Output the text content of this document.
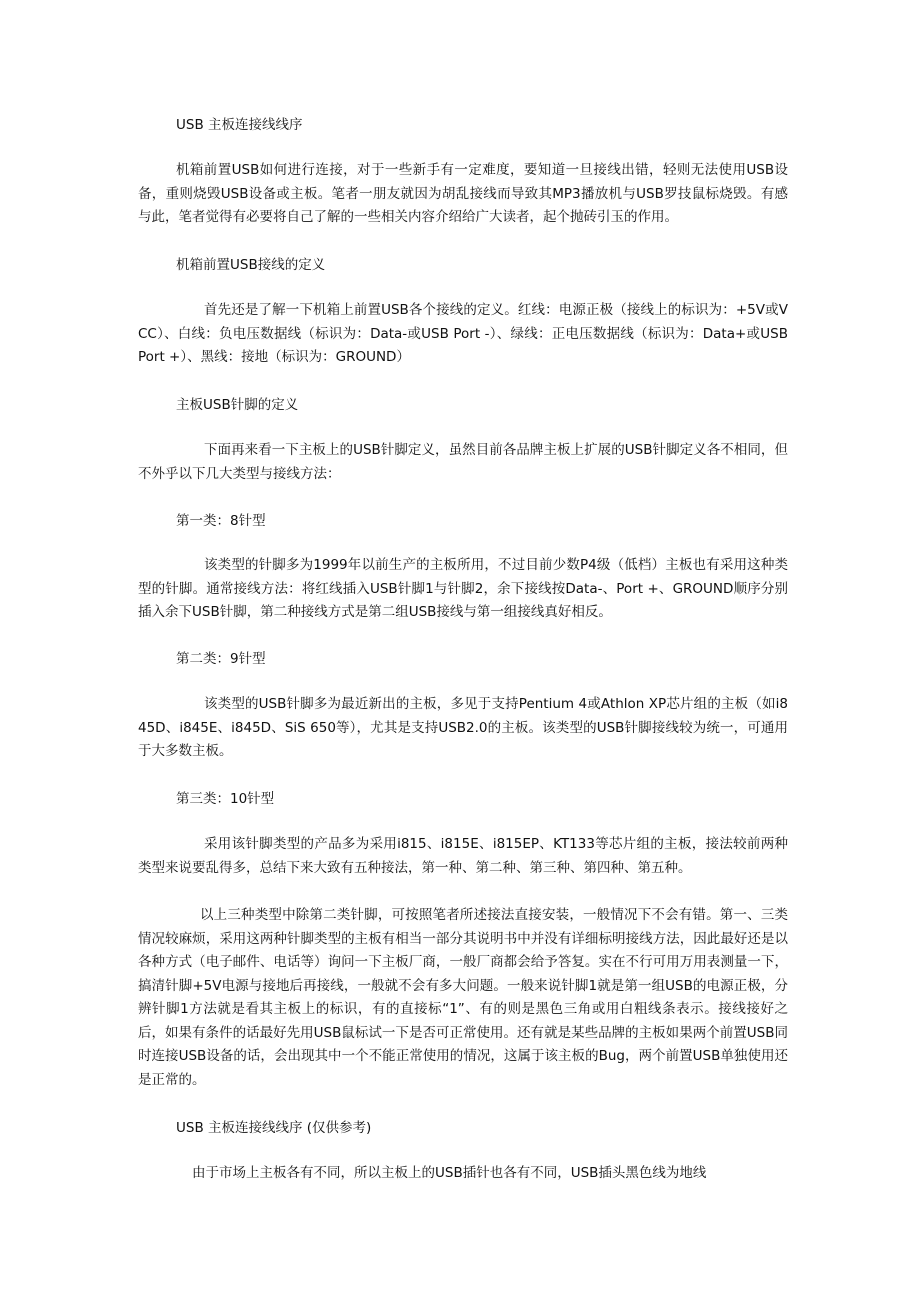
USB 主板连接线线序

机箱前置USB如何进行连接，对于一些新手有一定难度，要知道一旦接线出错，轻则无法使用USB设备，重则烧毁USB设备或主板。笔者一朋友就因为胡乱接线而导致其MP3播放机与USB罗技鼠标烧毁。有感与此，笔者觉得有必要将自己了解的一些相关内容介绍给广大读者，起个抛砖引玉的作用。

机箱前置USB接线的定义

首先还是了解一下机箱上前置USB各个接线的定义。红线：电源正极（接线上的标识为：+5V或VCC）、白线：负电压数据线（标识为：Data-或USB Port -）、绿线：正电压数据线（标识为：Data+或USB Port +）、黑线：接地（标识为：GROUND）

主板USB针脚的定义

下面再来看一下主板上的USB针脚定义，虽然目前各品牌主板上扩展的USB针脚定义各不相同，但不外乎以下几大类型与接线方法：

第一类：8针型

该类型的针脚多为1999年以前生产的主板所用，不过目前少数P4级（低档）主板也有采用这种类型的针脚。通常接线方法：将红线插入USB针脚1与针脚2，余下接线按Data-、Port +、GROUND顺序分别插入余下USB针脚，第二种接线方式是第二组USB接线与第一组接线真好相反。

第二类：9针型

该类型的USB针脚多为最近新出的主板，多见于支持Pentium 4或Athlon XP芯片组的主板（如i845D、i845E、i845D、SiS 650等），尤其是支持USB2.0的主板。该类型的USB针脚接线较为统一，可通用于大多数主板。

第三类：10针型

采用该针脚类型的产品多为采用i815、i815E、i815EP、KT133等芯片组的主板，接法较前两种类型来说要乱得多，总结下来大致有五种接法，第一种、第二种、第三种、第四种、第五种。

以上三种类型中除第二类针脚，可按照笔者所述接法直接安装，一般情况下不会有错。第一、三类情况较麻烦，采用这两种针脚类型的主板有相当一部分其说明书中并没有详细标明接线方法，因此最好还是以各种方式（电子邮件、电话等）询问一下主板厂商，一般厂商都会给予答复。实在不行可用万用表测量一下，搞清针脚+5V电源与接地后再接线，一般就不会有多大问题。一般来说针脚1就是第一组USB的电源正极，分辨针脚1方法就是看其主板上的标识，有的直接标“1”、有的则是黑色三角或用白粗线条表示。接线接好之后，如果有条件的话最好先用USB鼠标试一下是否可正常使用。还有就是某些品牌的主板如果两个前置USB同时连接USB设备的话，会出现其中一个不能正常使用的情况，这属于该主板的Bug，两个前置USB单独使用还是正常的。

USB 主板连接线线序 (仅供参考)

由于市场上主板各有不同，所以主板上的USB插针也各有不同，USB插头黑色线为地线
